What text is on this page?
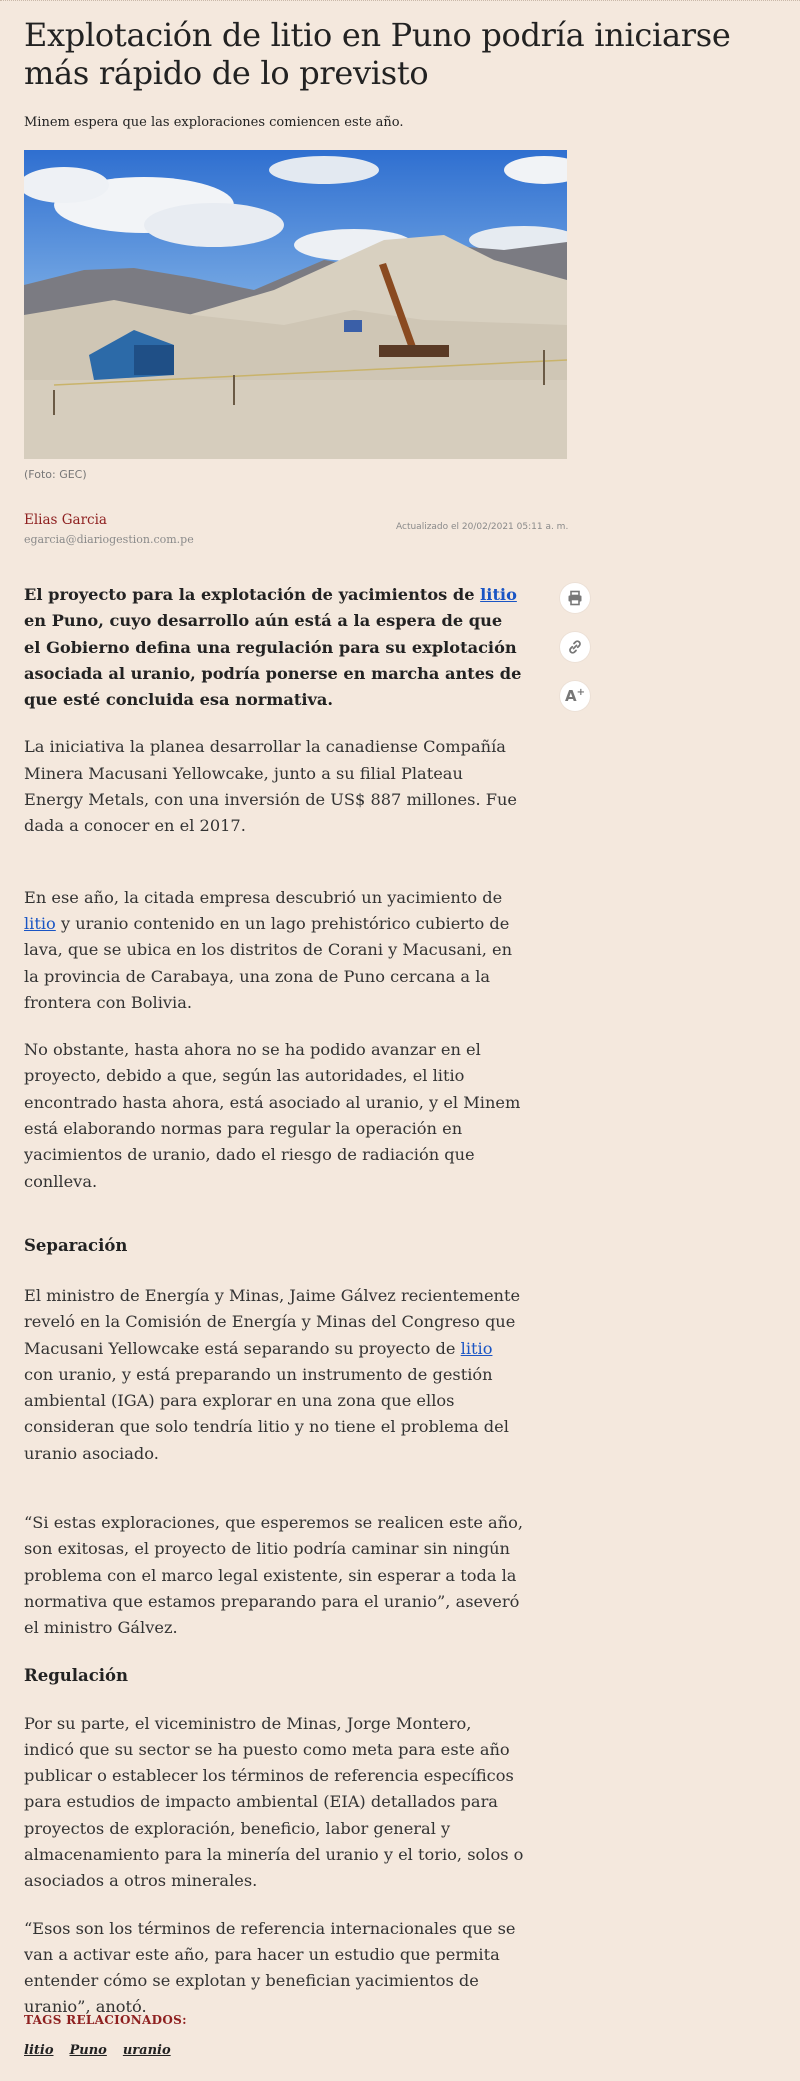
Explotación de litio en Puno podría iniciarse más rápido de lo previsto

Minem espera que las exploraciones comiencen este año.

(Foto: GEC)
Elias Garcia
egarcia@diariogestion.com.pe
Actualizado el 20/02/2021 05:11 a. m.
A+

El proyecto para la explotación de yacimientos de litio en Puno, cuyo desarrollo aún está a la espera de que el Gobierno defina una regulación para su explotación asociada al uranio, podría ponerse en marcha antes de que esté concluida esa normativa.

La iniciativa la planea desarrollar la canadiense Compañía Minera Macusani Yellowcake, junto a su filial Plateau Energy Metals, con una inversión de US$ 887 millones. Fue dada a conocer en el 2017.

En ese año, la citada empresa descubrió un yacimiento de litio y uranio contenido en un lago prehistórico cubierto de lava, que se ubica en los distritos de Corani y Macusani, en la provincia de Carabaya, una zona de Puno cercana a la frontera con Bolivia.

No obstante, hasta ahora no se ha podido avanzar en el proyecto, debido a que, según las autoridades, el litio encontrado hasta ahora, está asociado al uranio, y el Minem está elaborando normas para regular la operación en yacimientos de uranio, dado el riesgo de radiación que conlleva.

Separación

El ministro de Energía y Minas, Jaime Gálvez recientemente reveló en la Comisión de Energía y Minas del Congreso que Macusani Yellowcake está separando su proyecto de litio con uranio, y está preparando un instrumento de gestión ambiental (IGA) para explorar en una zona que ellos consideran que solo tendría litio y no tiene el problema del uranio asociado.

“Si estas exploraciones, que esperemos se realicen este año, son exitosas, el proyecto de litio podría caminar sin ningún problema con el marco legal existente, sin esperar a toda la normativa que estamos preparando para el uranio”, aseveró el ministro Gálvez.

Regulación

Por su parte, el viceministro de Minas, Jorge Montero, indicó que su sector se ha puesto como meta para este año publicar o establecer los términos de referencia específicos para estudios de impacto ambiental (EIA) detallados para proyectos de exploración, beneficio, labor general y almacenamiento para la minería del uranio y el torio, solos o asociados a otros minerales.

“Esos son los términos de referencia internacionales que se van a activar este año, para hacer un estudio que permita entender cómo se explotan y benefician yacimientos de uranio”, anotó.

TAGS RELACIONADOS:
litio Puno uranio
